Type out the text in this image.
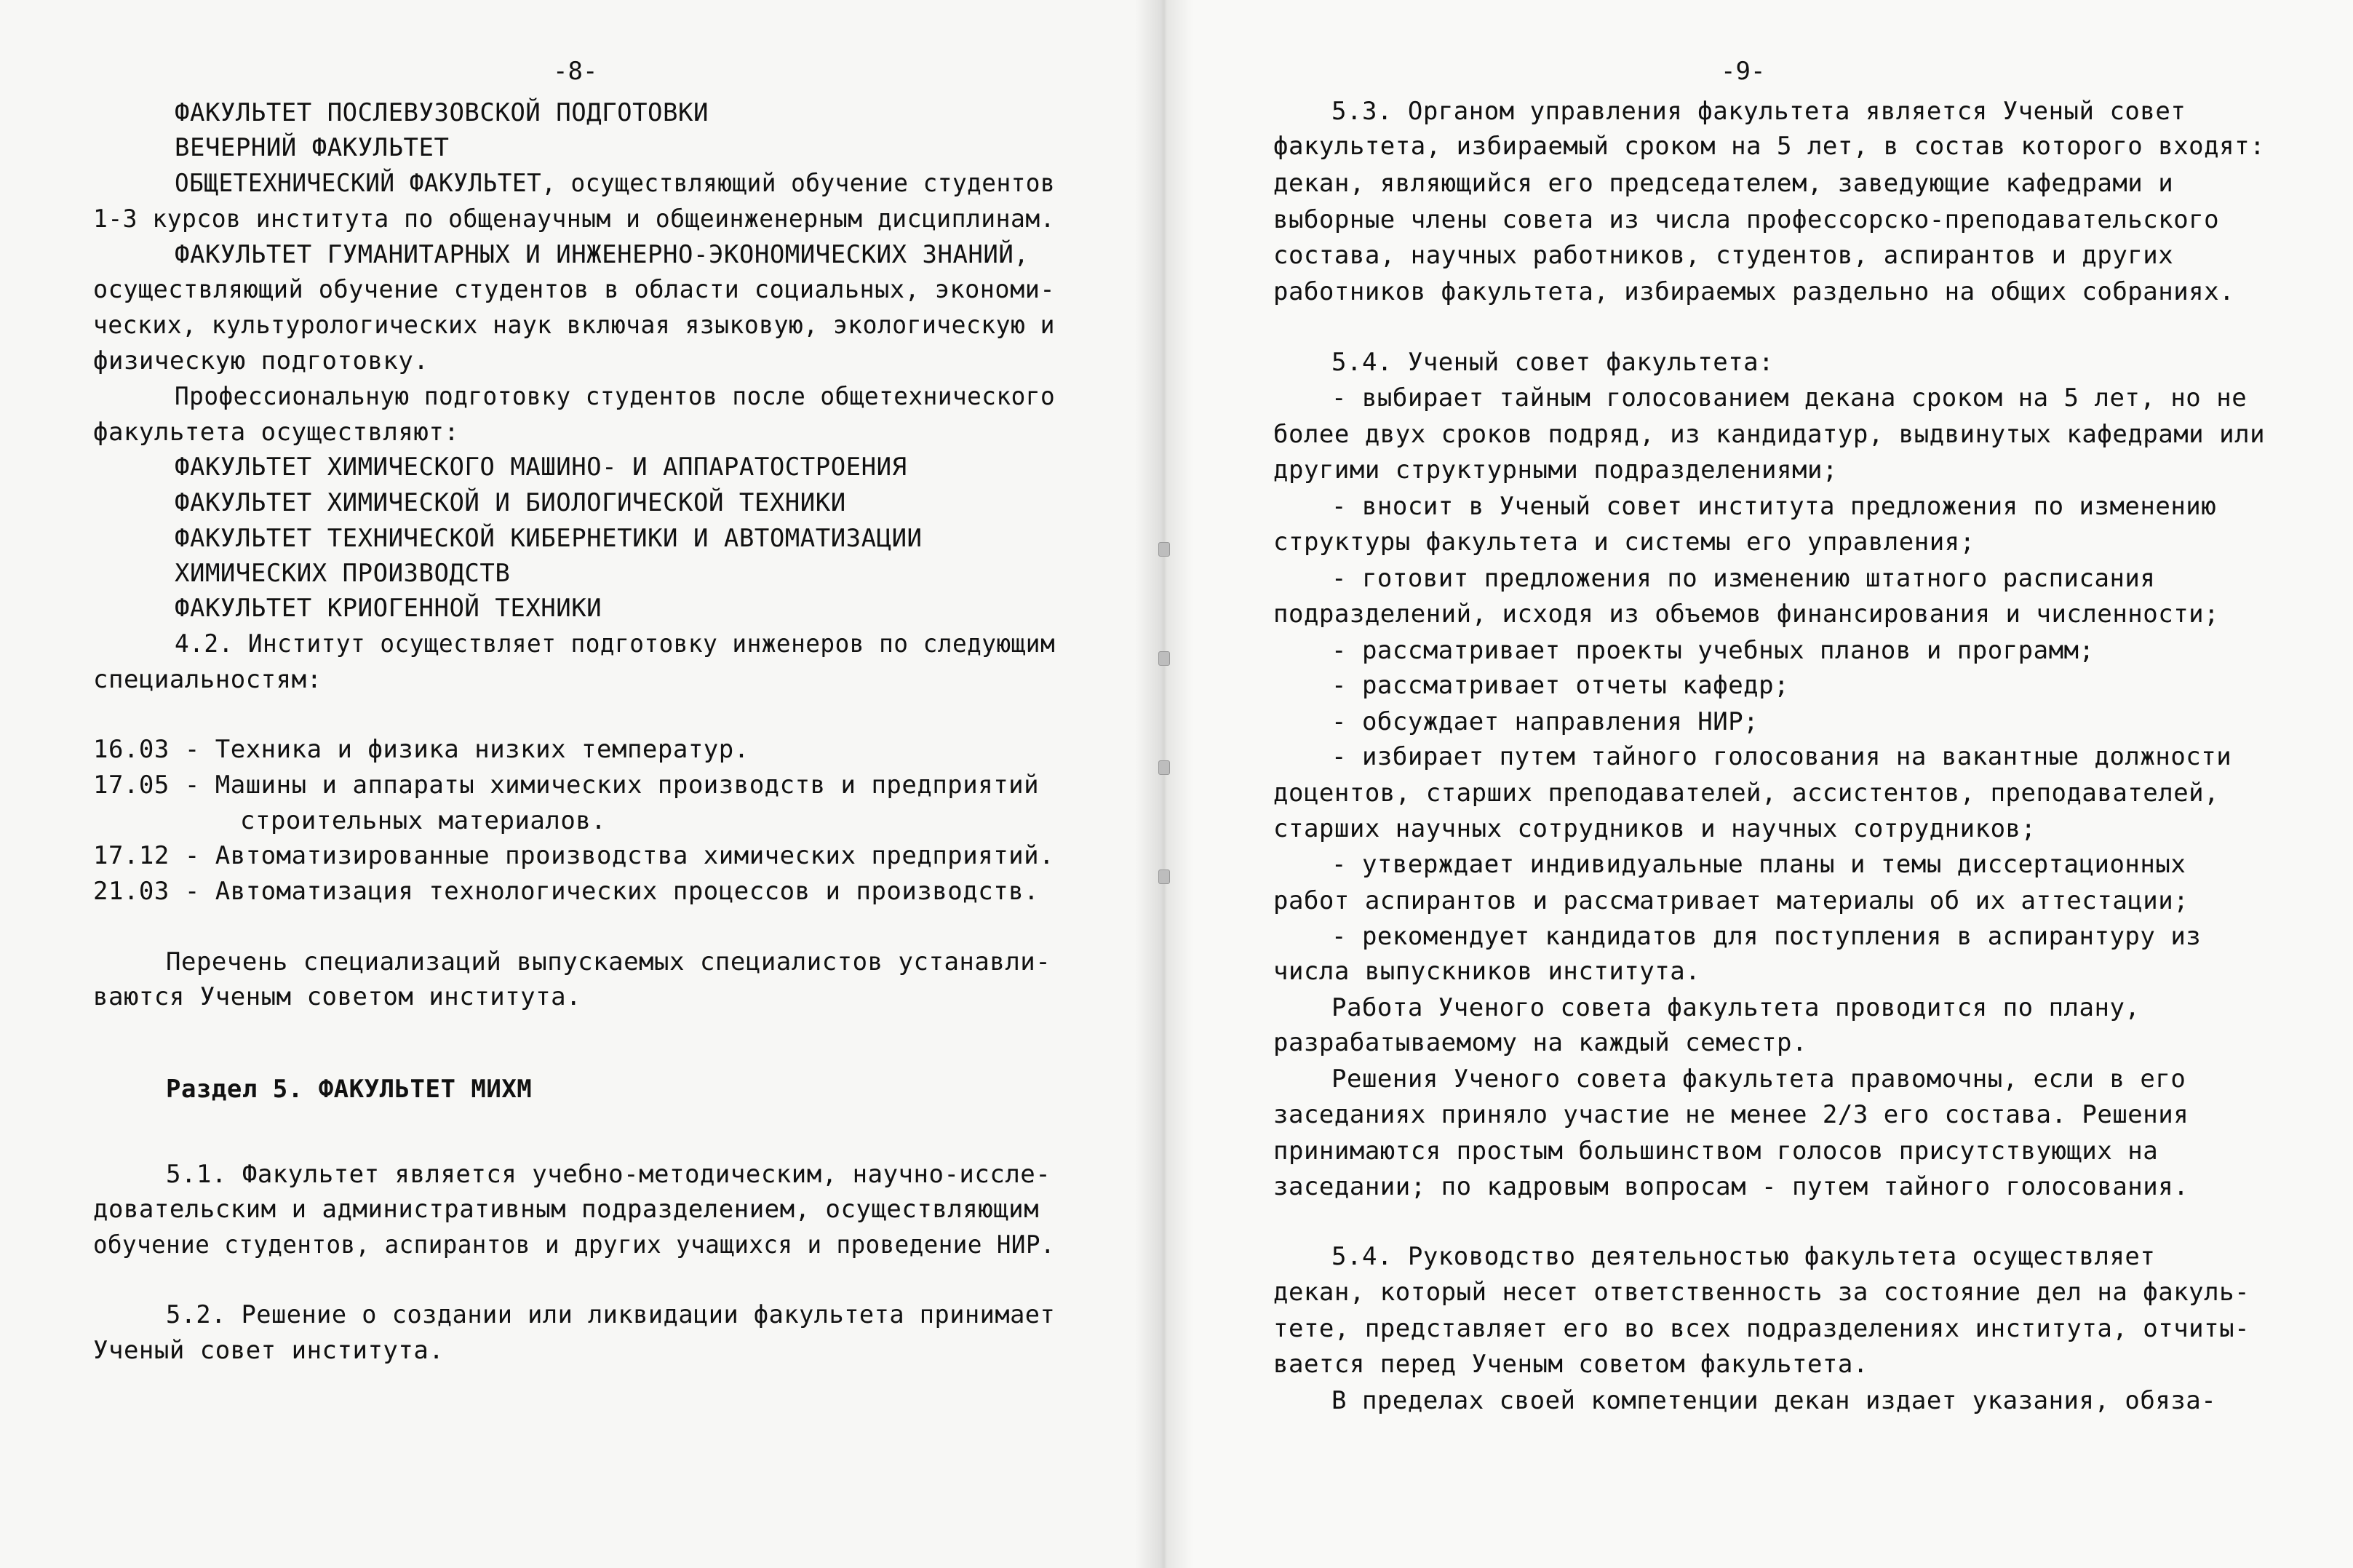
-8-
ФАКУЛЬТЕТ ПОСЛЕВУЗОВСКОЙ ПОДГОТОВКИ
ВЕЧЕРНИЙ ФАКУЛЬТЕТ
ОБЩЕТЕХНИЧЕСКИЙ ФАКУЛЬТЕТ, осуществляющий обучение студентов
1-3 курсов института по общенаучным и общеинженерным дисциплинам.
ФАКУЛЬТЕТ ГУМАНИТАРНЫХ И ИНЖЕНЕРНО-ЭКОНОМИЧЕСКИХ ЗНАНИЙ,
осуществляющий обучение студентов в области социальных, экономи-
ческих, культурологических наук включая языковую, экологическую и
физическую подготовку.
Профессиональную подготовку студентов после общетехнического
факультета осуществляют:
ФАКУЛЬТЕТ ХИМИЧЕСКОГО МАШИНО- И АППАРАТОСТРОЕНИЯ
ФАКУЛЬТЕТ ХИМИЧЕСКОЙ И БИОЛОГИЧЕСКОЙ ТЕХНИКИ
ФАКУЛЬТЕТ ТЕХНИЧЕСКОЙ КИБЕРНЕТИКИ И АВТОМАТИЗАЦИИ
ХИМИЧЕСКИХ ПРОИЗВОДСТВ
ФАКУЛЬТЕТ КРИОГЕННОЙ ТЕХНИКИ
4.2. Институт осуществляет подготовку инженеров по следующим
специальностям:
16.03 - Техника и физика низких температур.
17.05 - Машины и аппараты химических производств и предприятий
строительных материалов.
17.12 - Автоматизированные производства химических предприятий.
21.03 - Автоматизация технологических процессов и производств.
Перечень специализаций выпускаемых специалистов устанавли-
ваются Ученым советом института.
Раздел 5. ФАКУЛЬТЕТ МИХМ
5.1. Факультет является учебно-методическим, научно-иссле-
довательским и административным подразделением, осуществляющим
обучение студентов, аспирантов и других учащихся и проведение НИР.
5.2. Решение о создании или ликвидации факультета принимает
Ученый совет института.
-9-
5.3. Органом управления факультета является Ученый совет
факультета, избираемый сроком на 5 лет, в состав которого входят:
декан, являющийся его председателем, заведующие кафедрами и
выборные члены совета из числа профессорско-преподавательского
состава, научных работников, студентов, аспирантов и других
работников факультета, избираемых раздельно на общих собраниях.
5.4. Ученый совет факультета:
- выбирает тайным голосованием декана сроком на 5 лет, но не
более двух сроков подряд, из кандидатур, выдвинутых кафедрами или
другими структурными подразделениями;
- вносит в Ученый совет института предложения по изменению
структуры факультета и системы его управления;
- готовит предложения по изменению штатного расписания
подразделений, исходя из объемов финансирования и численности;
- рассматривает проекты учебных планов и программ;
- рассматривает отчеты кафедр;
- обсуждает направления НИР;
- избирает путем тайного голосования на вакантные должности
доцентов, старших преподавателей, ассистентов, преподавателей,
старших научных сотрудников и научных сотрудников;
- утверждает индивидуальные планы и темы диссертационных
работ аспирантов и рассматривает материалы об их аттестации;
- рекомендует кандидатов для поступления в аспирантуру из
числа выпускников института.
Работа Ученого совета факультета проводится по плану,
разрабатываемому на каждый семестр.
Решения Ученого совета факультета правомочны, если в его
заседаниях приняло участие не менее 2/3 его состава. Решения
принимаются простым большинством голосов присутствующих на
заседании; по кадровым вопросам - путем тайного голосования.
5.4. Руководство деятельностью факультета осуществляет
декан, который несет ответственность за состояние дел на факуль-
тете, представляет его во всех подразделениях института, отчиты-
вается перед Ученым советом факультета.
В пределах своей компетенции декан издает указания, обяза-
